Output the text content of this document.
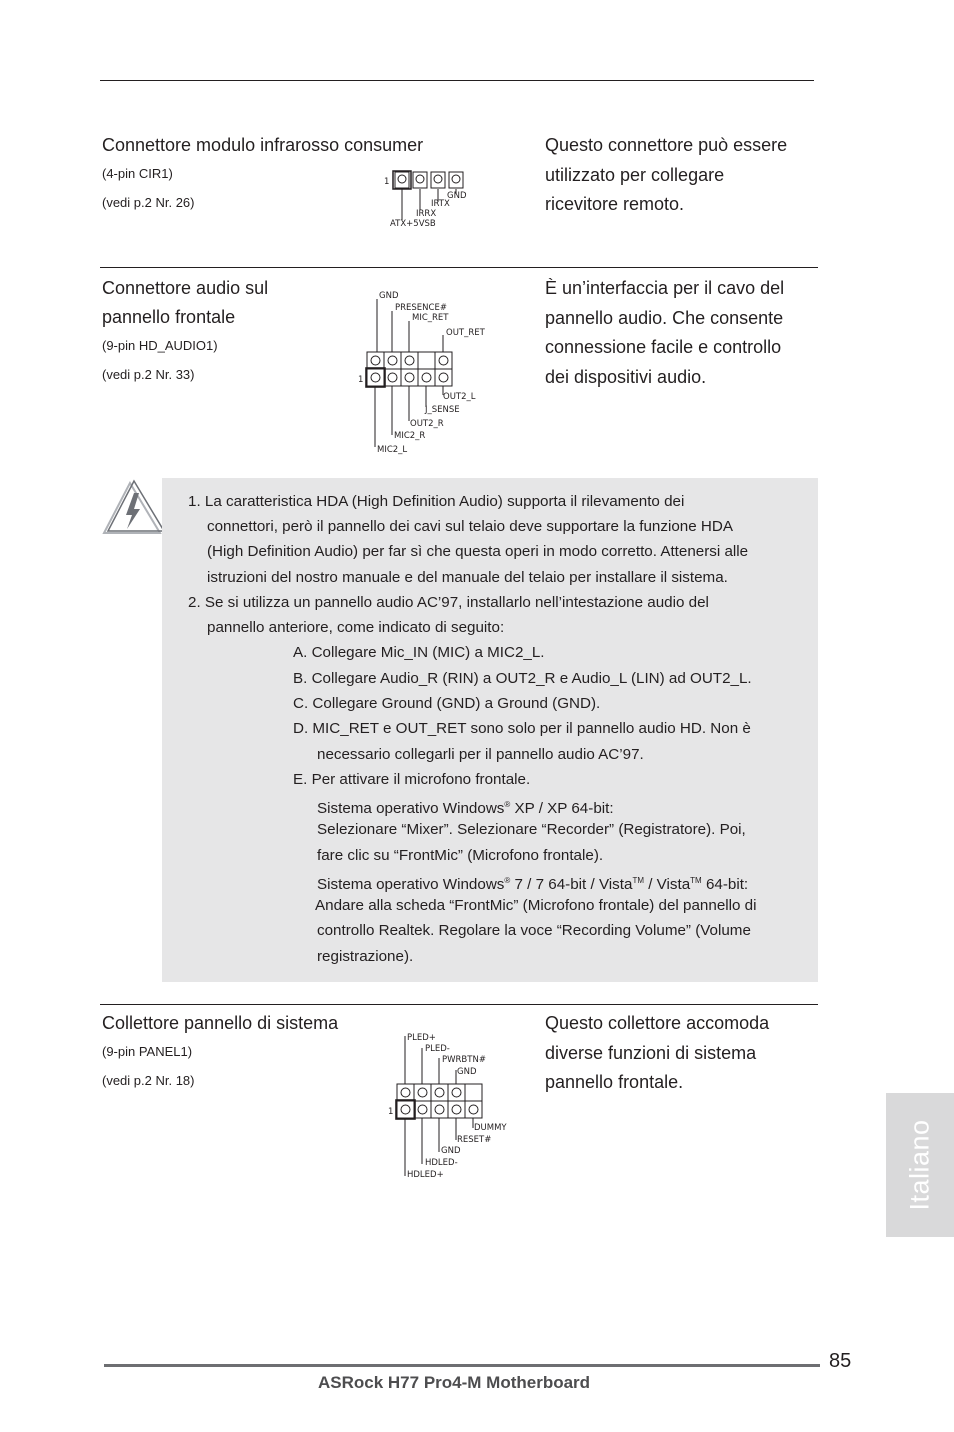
Connettore modulo infrarosso consumer
(4-pin CIR1)
(vedi p.2 Nr. 26)
Questo connettore può essere
utilizzato per collegare
ricevitore remoto.
1
GND
IRTX
IRRX
ATX+5VSB
Connettore audio sul
pannello frontale
(9-pin HD_AUDIO1)
(vedi p.2 Nr. 33)
È un’interfaccia per il cavo del
pannello audio. Che consente
connessione facile e controllo
dei dispositivi audio.
1
GND
PRESENCE#
MIC_RET
OUT_RET
OUT2_L
J_SENSE
OUT2_R
MIC2_R
MIC2_L
1. La caratteristica HDA (High Definition Audio) supporta il rilevamento dei
connettori, però il pannello dei cavi sul telaio deve supportare la funzione HDA
(High Definition Audio) per far sì che questa operi in modo corretto. Attenersi alle
istruzioni del nostro manuale e del manuale del telaio per installare il sistema.
2. Se si utilizza un pannello audio AC’97, installarlo nell’intestazione audio del
pannello anteriore, come indicato di seguito:
A. Collegare Mic_IN (MIC) a MIC2_L.
B. Collegare Audio_R (RIN) a OUT2_R e Audio_L (LIN) ad OUT2_L.
C. Collegare Ground (GND) a Ground (GND).
D. MIC_RET e OUT_RET sono solo per il pannello audio HD. Non è
necessario collegarli per il pannello audio AC’97.
E. Per attivare il microfono frontale.
Sistema operativo Windows® XP / XP 64-bit:
Selezionare “Mixer”. Selezionare “Recorder” (Registratore). Poi,
fare clic su “FrontMic” (Microfono frontale).
Sistema operativo Windows® 7 / 7 64-bit / Vista™ / Vista™ 64-bit:
Andare alla scheda “FrontMic” (Microfono frontale) del pannello di
controllo Realtek. Regolare la voce “Recording Volume” (Volume
registrazione).
Collettore pannello di sistema
(9-pin PANEL1)
(vedi p.2 Nr. 18)
Questo collettore accomoda
diverse funzioni di sistema
pannello frontale.
1
PLED+
PLED-
PWRBTN#
GND
DUMMY
RESET#
GND
HDLED-
HDLED+	Italiano
85
ASRock H77 Pro4-M Motherboard
